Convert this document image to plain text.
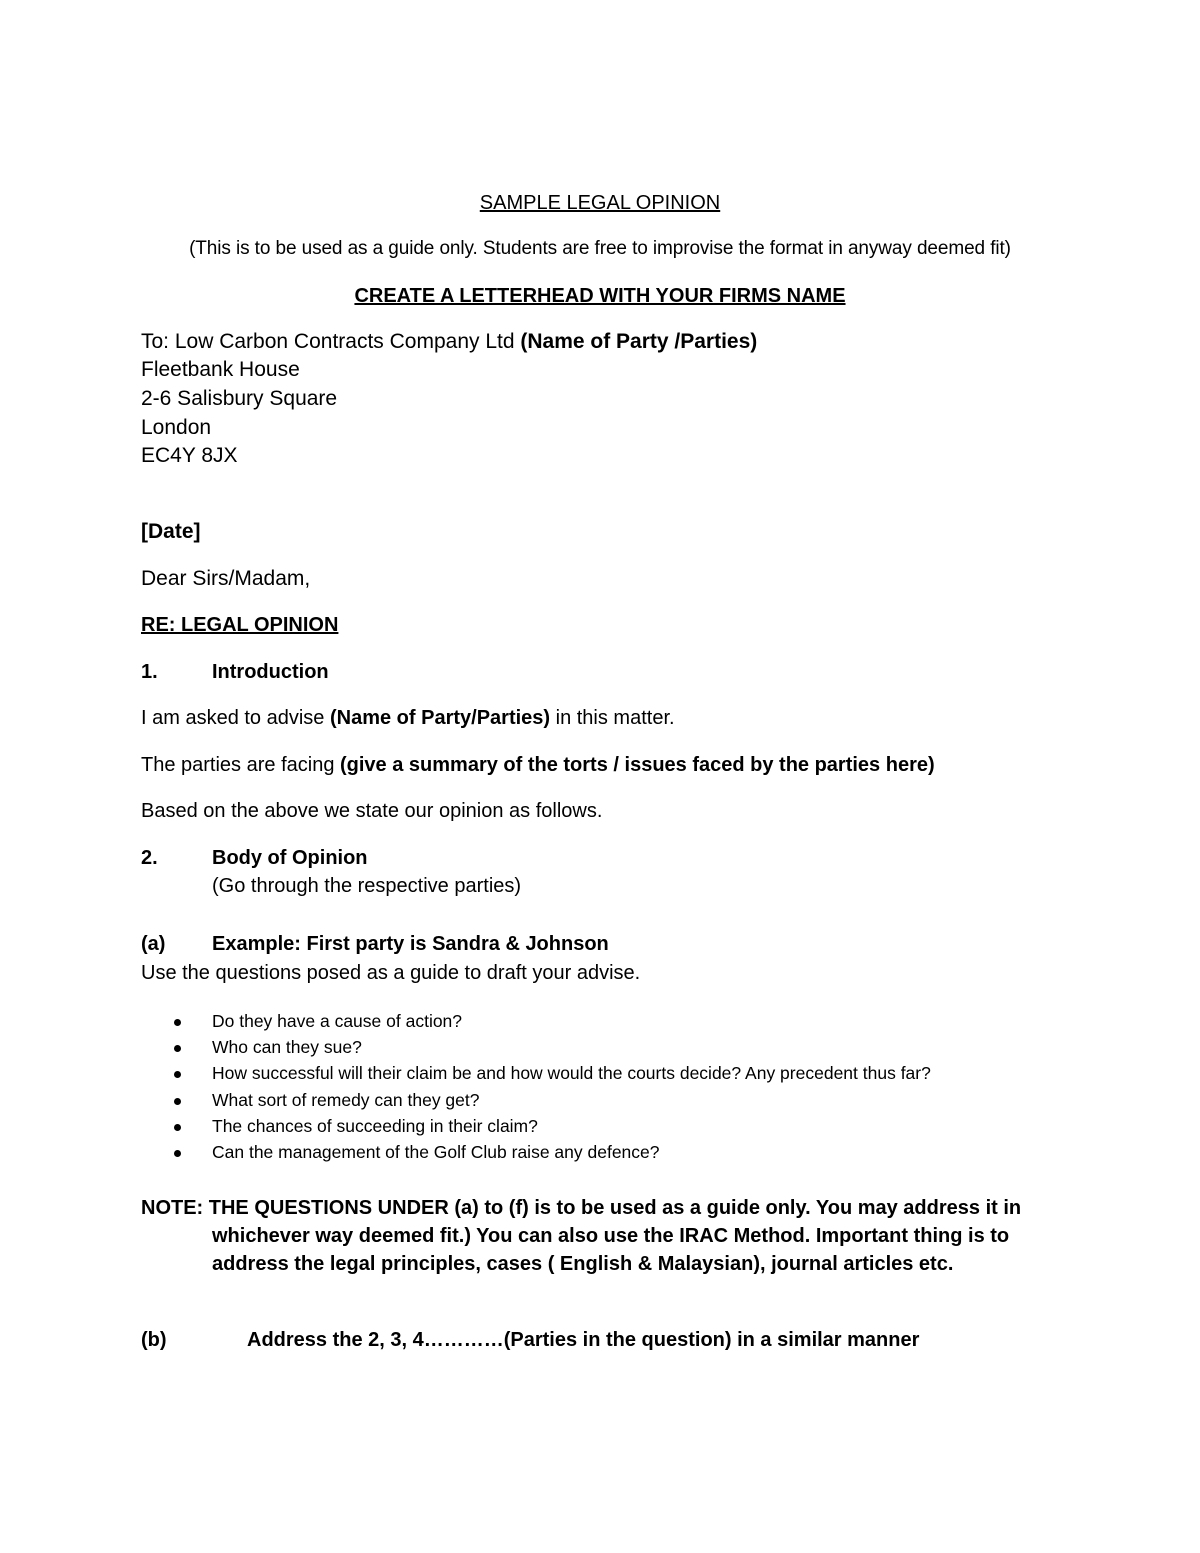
SAMPLE LEGAL OPINION
(This is to be used as a guide only. Students are free to improvise the format in anyway deemed fit)
CREATE A LETTERHEAD WITH YOUR FIRMS NAME
To: Low Carbon Contracts Company Ltd (Name of Party /Parties)
Fleetbank House
2-6 Salisbury Square
London
EC4Y 8JX
[Date]
Dear Sirs/Madam,
RE: LEGAL OPINION
1.	Introduction
I am asked to advise (Name of Party/Parties) in this matter.
The parties are facing (give a summary of the torts / issues faced by the parties here)
Based on the above we state our opinion as follows.
2.	Body of Opinion
(Go through the respective parties)
(a) Example: First party is Sandra & Johnson
Use the questions posed as a guide to draft your advise.
Do they have a cause of action?
Who can they sue?
How successful will their claim be and how would the courts decide? Any precedent thus far?
What sort of remedy can they get?
The chances of succeeding in their claim?
Can the management of the Golf Club raise any defence?
NOTE: THE QUESTIONS UNDER (a) to (f) is to be used as a guide only. You may address it in
whichever way deemed fit.) You can also use the IRAC Method. Important thing is to
address the legal principles, cases ( English & Malaysian), journal articles etc.
(b)	Address the 2, 3, 4…………(Parties in the question) in a similar manner
